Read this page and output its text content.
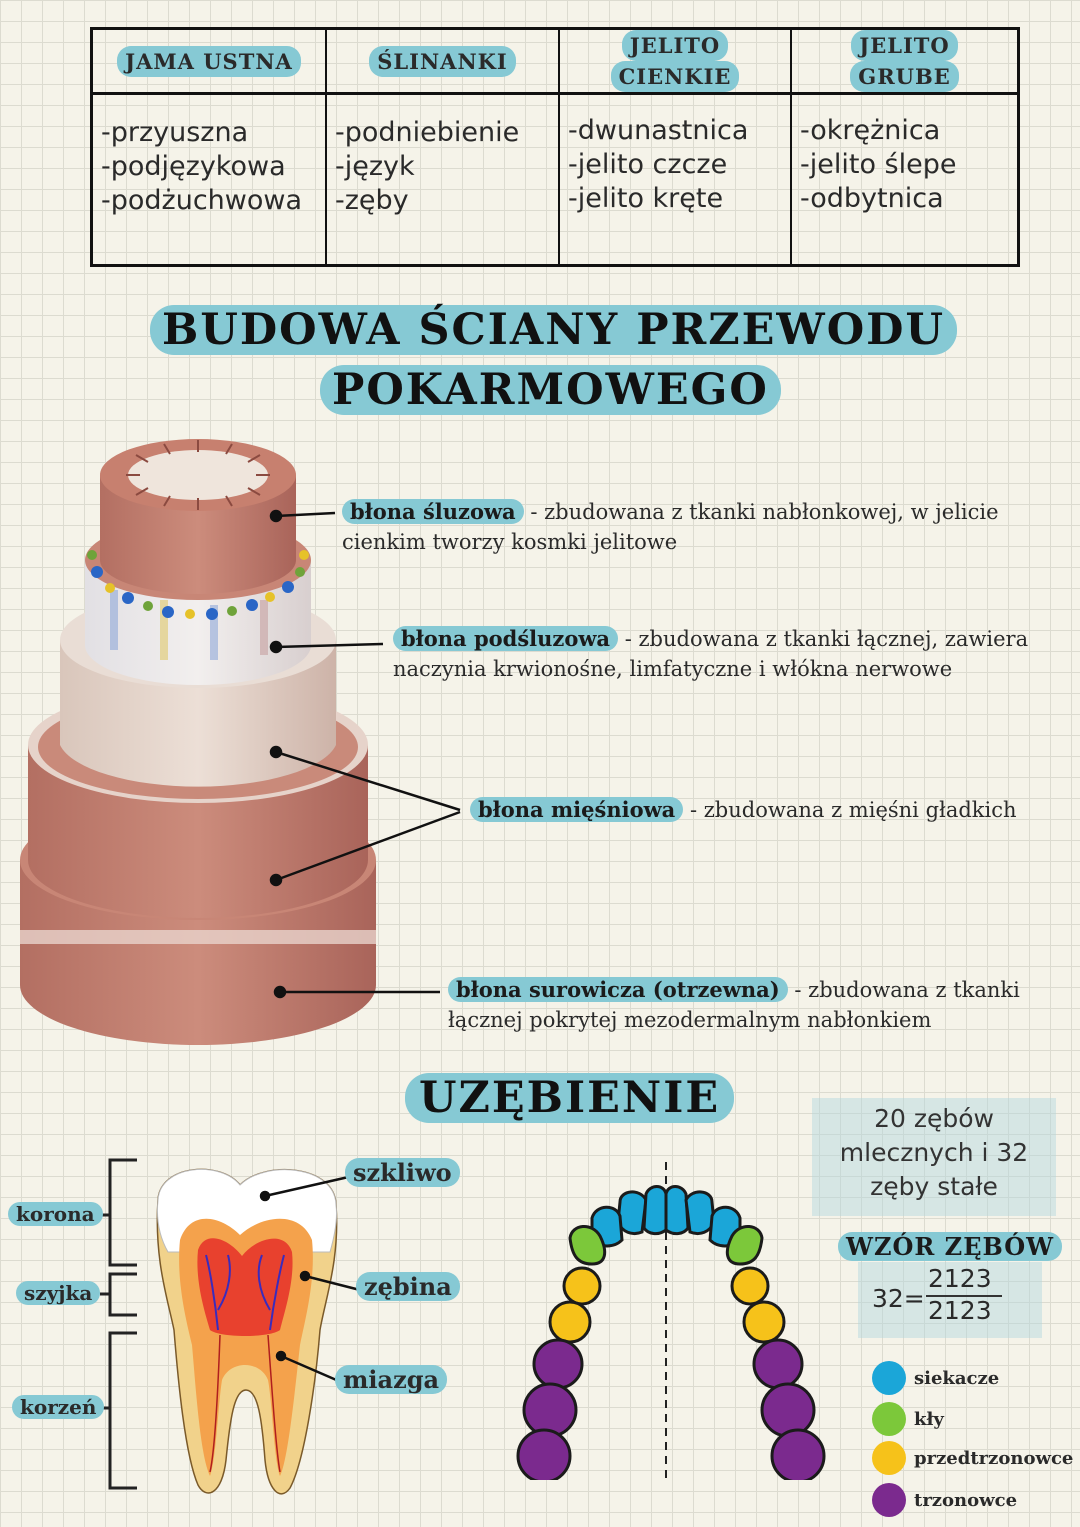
JAMA USTNA
-przyuszna
-podjęzykowa
-podżuchwowa
ŚLINANKI
-podniebienie
-język
-zęby
JELITO
CIENKIE
-dwunastnica
-jelito czcze
-jelito kręte
JELITO
GRUBE
-okrężnica
-jelito ślepe
-odbytnica
BUDOWA ŚCIANY PRZEWODU
POKARMOWEGO
błona śluzowa - zbudowana z tkanki nabłonkowej, w jelicie cienkim tworzy kosmki jelitowe
błona podśluzowa - zbudowana z tkanki łącznej, zawiera naczynia krwionośne, limfatyczne i włókna nerwowe
błona mięśniowa - zbudowana z mięśni gładkich
błona surowicza (otrzewna) - zbudowana z tkanki łącznej pokrytej mezodermalnym nabłonkiem
UZĘBIENIE	20 zębów
mlecznych i 32
zęby stałe
WZÓR ZĘBÓW
32=
2123
2123
korona
szyjka
korzeń
szkliwo
zębina
miazga	siekacze
kły
przedtrzonowce
trzonowce
